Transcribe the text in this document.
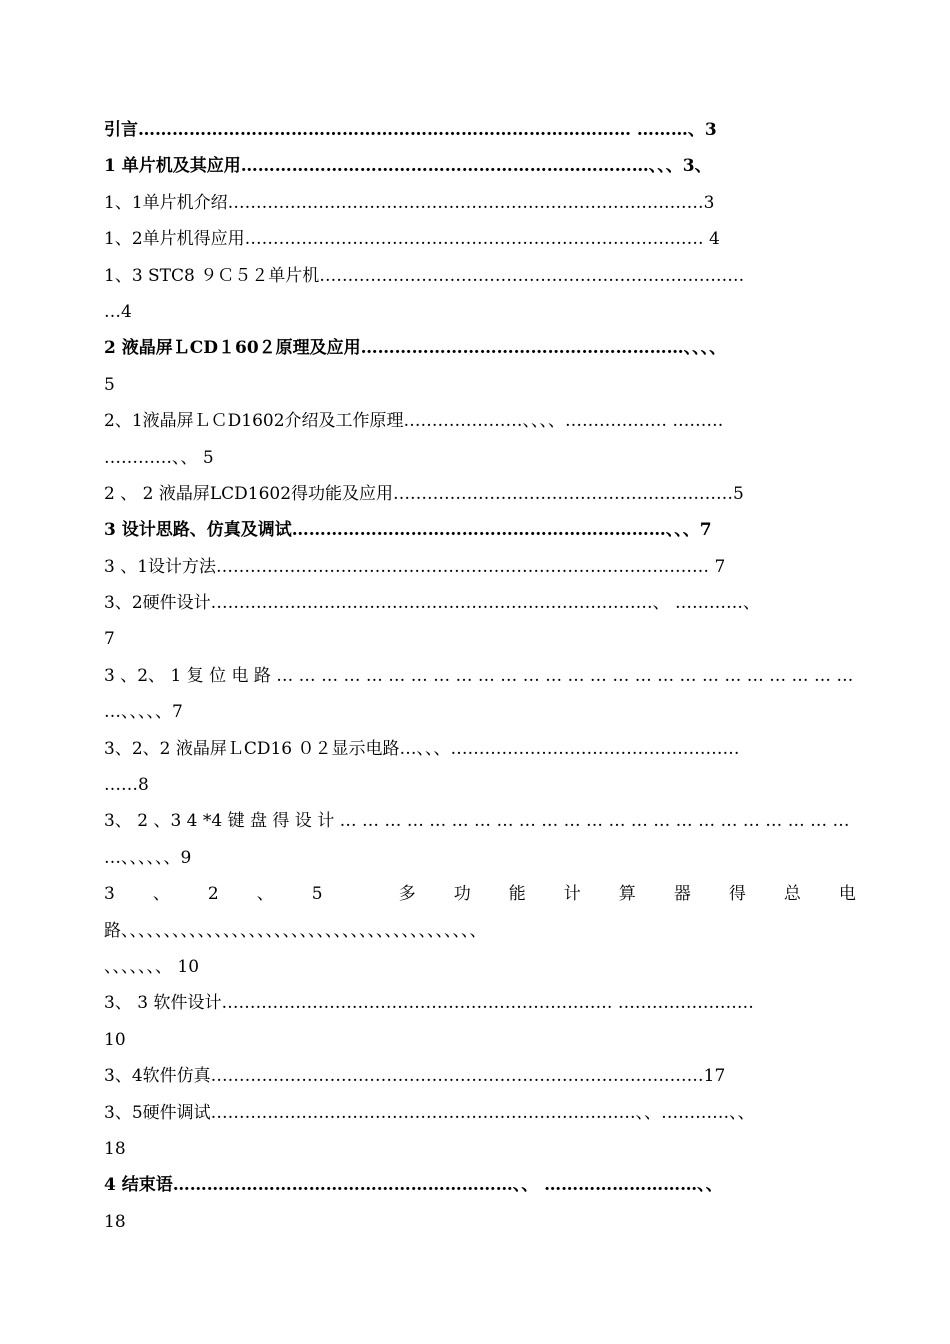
引言…………………………………………………………………………… ………、3
1 单片机及其应用………………………………………………………………、、、3、
1、1单片机介绍…………………………………………………………………………3
1、2单片机得应用……………………………………………………………………… 4
1、3 STC8 ９Ｃ５２单片机…………………………………………………………………
…4
2 液晶屏ＬCD１60２原理及应用…………………………………………………、、、、
5
2、1液晶屏ＬＣD1602介绍及工作原理…………………、、、、……………… ………
…………、、 5
2 、 2 液晶屏LCD1602得功能及应用……………………………………………………5
3 设计思路、仿真及调试…………………………………………………………、、、7
3 、1设计方法…………………………………………………………………………… 7
3、2硬件设计……………………………………………………………………、 …………、
7
3 、2、 1 复 位 电 路 … … … … … … … … … … … … … … … … … … … … … … … … … …
…、、、、、7
3、2、2 液晶屏ＬCD16 ０２显示电路…、、、……………………………………………
……8
3、 2 、3 4 *4 键 盘 得 设 计 … … … … … … … … … … … … … … … … … … … … … … …
…、、、、、、9
3 、 2 、 5	多 功 能 计 算 器 得 总 电
路、、、、、、、、、、、、、、、、、、、、、、、、、、、、、、、、、、、、、、、、、、
、、、、、、、 10
3、 3 软件设计…………………………………………………………… ……………………
10
3、4软件仿真……………………………………………………………………………17
3、5硬件调试…………………………………………………………………、、…………、、
18
4 结束语……………………………………………………、、 ………………………、、
18
